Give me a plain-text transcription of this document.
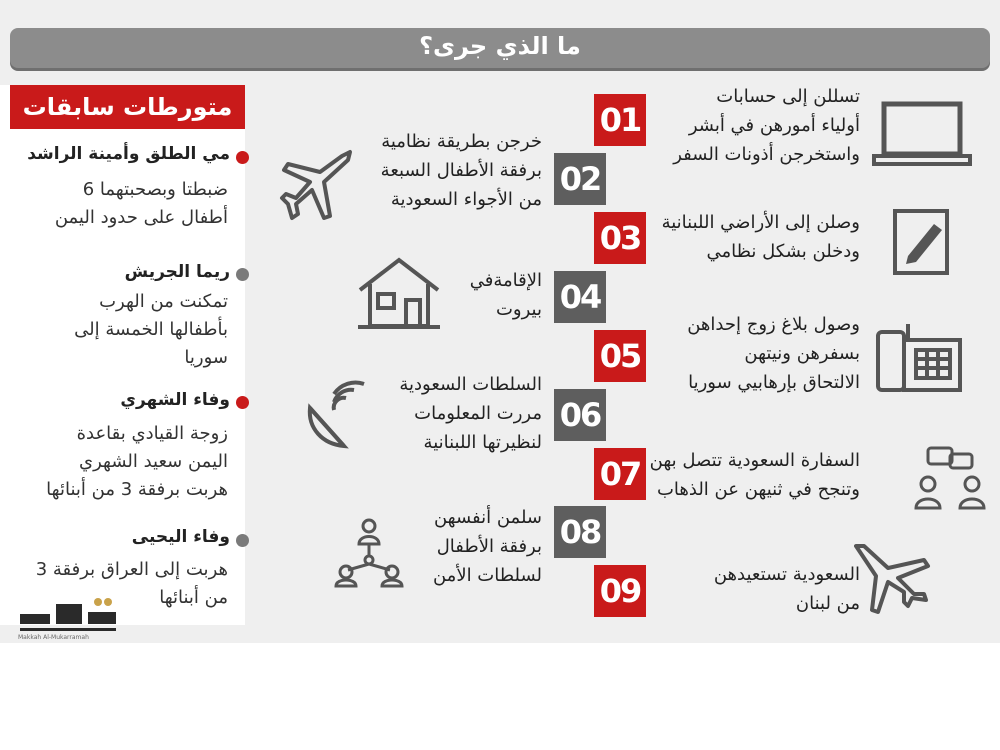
ما الذي جرى؟
متورطات سابقات
مي الطلق وأمينة الراشد
ضبطتا وبصحبتهما 6
أطفال على حدود اليمن
ريما الجريش
تمكنت من الهرب
بأطفالها الخمسة إلى
سوريا
وفاء الشهري
زوجة القيادي بقاعدة
اليمن سعيد الشهري
هربت برفقة 3 من أبنائها
وفاء اليحيى
هربت إلى العراق برفقة 3
من أبنائها
Makkah Al-Mukarramah
01
تسللن إلى حسابات
أولياء أمورهن في أبشر
واستخرجن أذونات السفر
02
خرجن بطريقة نظامية
برفقة الأطفال السبعة
من الأجواء السعودية
03	وصلن إلى الأراضي اللبنانية
ودخلن بشكل نظامي
04
الإقامةفي
بيروت
05
وصول بلاغ زوج إحداهن
بسفرهن ونيتهن
الالتحاق بإرهابيي سوريا
06
السلطات السعودية
مررت المعلومات
لنظيرتها اللبنانية
07 السفارة السعودية تتصل بهن
وتنجح في ثنيهن عن الذهاب
08
سلمن أنفسهن
برفقة الأطفال
لسلطات الأمن 09	السعودية تستعيدهن
من لبنان
